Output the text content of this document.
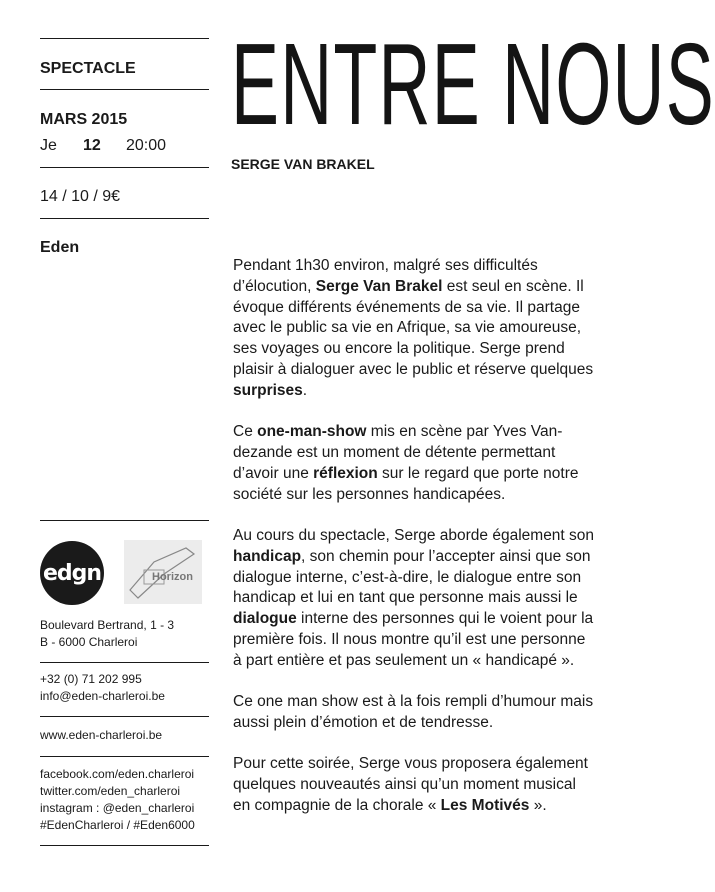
SPECTACLE
MARS 2015
Je	12	20:00
14 / 10 / 9€
Eden
edgn	Horizon
Boulevard Bertrand, 1 - 3
B - 6000 Charleroi
+32 (0) 71 202 995
info@eden-charleroi.be
www.eden-charleroi.be
facebook.com/eden.charleroi
twitter.com/eden_charleroi
instagram : @eden_charleroi
#EdenCharleroi / #Eden6000
ENTRE NOUS
SERGE VAN BRAKEL

Pendant 1h30 environ, malgré ses difficultés d’élocution, Serge Van Brakel est seul en scène. Il évoque différents événements de sa vie. Il partage avec le public sa vie en Afrique, sa vie amoureuse, ses voyages ou encore la politique. Serge prend plaisir à dialoguer avec le public et réserve quelques surprises.

Ce one-man-show mis en scène par Yves Van-dezande est un moment de détente permettant d’avoir une réflexion sur le regard que porte notre société sur les personnes handicapées.

Au cours du spectacle, Serge aborde également son handicap, son chemin pour l’accepter ainsi que son dialogue interne, c’est-à-dire, le dialogue entre son handicap et lui en tant que personne mais aussi le dialogue interne des personnes qui le voient pour la première fois. Il nous montre qu’il est une personne à part entière et pas seulement un « handicapé ».

Ce one man show est à la fois rempli d’humour mais aussi plein d’émotion et de tendresse.

Pour cette soirée, Serge vous proposera également quelques nouveautés ainsi qu’un moment musical en compagnie de la chorale « Les Motivés ».
